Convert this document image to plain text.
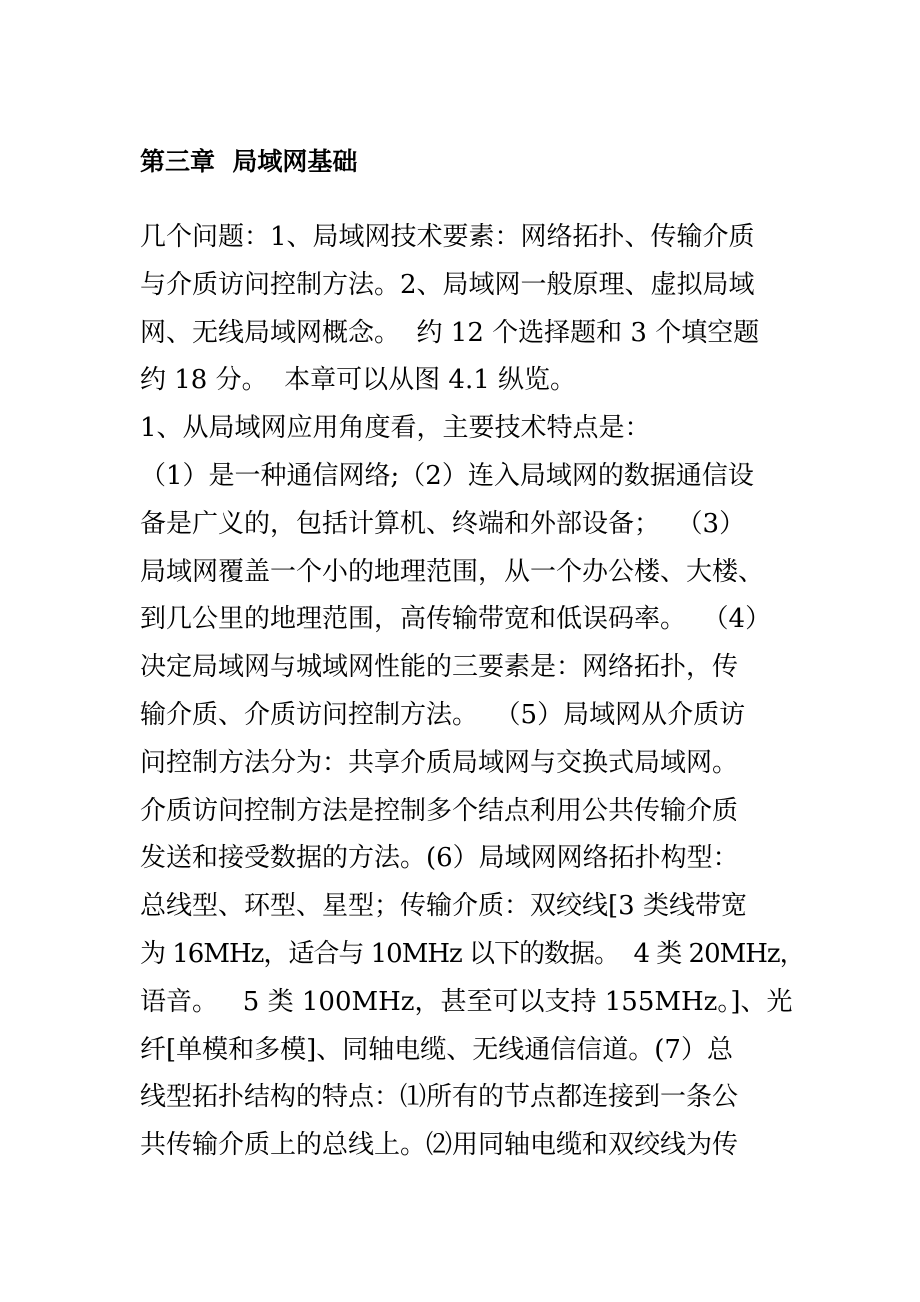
第三章  局域网基础
几个问题：1、局域网技术要素：网络拓扑、传输介质
与介质访问控制方法。2、局域网一般原理、虚拟局域
网、无线局域网概念。  约 12 个选择题和 3 个填空题
约 18 分。  本章可以从图 4.1 纵览。
1、从局域网应用角度看，主要技术特点是：
（1）是一种通信网络;（2）连入局域网的数据通信设
备是广义的，包括计算机、终端和外部设备；  （3）
局域网覆盖一个小的地理范围，从一个办公楼、大楼、
到几公里的地理范围，高传输带宽和低误码率。  （4）
决定局域网与城域网性能的三要素是：网络拓扑，传
输介质、介质访问控制方法。  （5）局域网从介质访
问控制方法分为：共享介质局域网与交换式局域网。
介质访问控制方法是控制多个结点利用公共传输介质
发送和接受数据的方法。(6）局域网网络拓扑构型：
总线型、环型、星型；传输介质：双绞线[3 类线带宽
为 16MHz，适合与 10MHz 以下的数据。  4 类 20MHz，
语音。   5 类 100MHz，甚至可以支持 155MHz。]、光
纤[单模和多模]、同轴电缆、无线通信信道。(7）总
线型拓扑结构的特点：⑴所有的节点都连接到一条公
共传输介质上的总线上。⑵用同轴电缆和双绞线为传
